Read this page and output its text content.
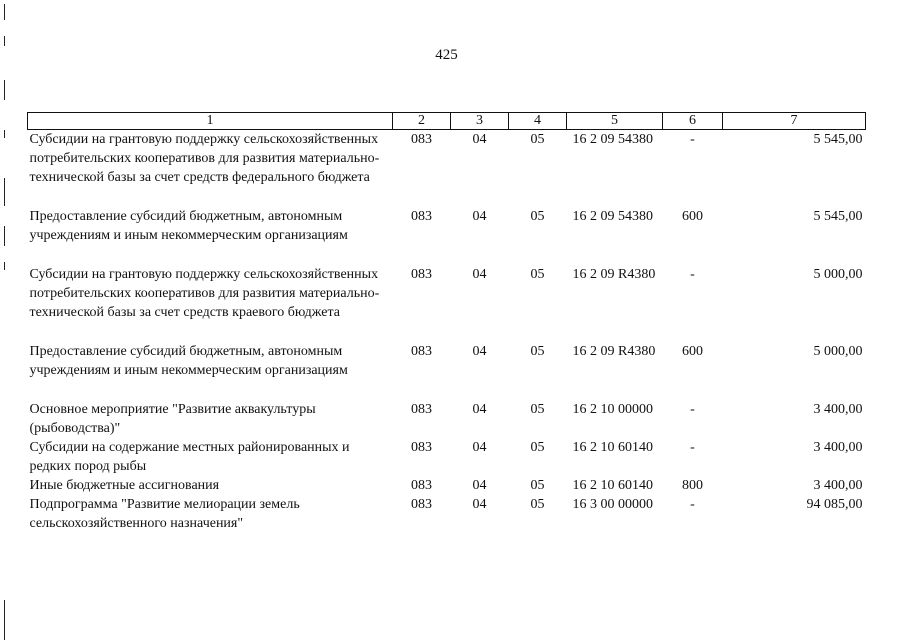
425
1	2	3	4	5	6	7
Субсидии на грантовую поддержку сельскохозяйственных потребительских кооперативов для развития материально-технической базы за счет средств федерального бюджета	083	04	05	16 2 09 54380	-	5 545,00
Предоставление субсидий бюджетным, автономным учреждениям и иным некоммерческим организациям	083	04	05	16 2 09 54380	600	5 545,00
Субсидии на грантовую поддержку сельскохозяйственных потребительских кооперативов для развития материально-технической базы за счет средств краевого бюджета	083	04	05	16 2 09 R4380	-	5 000,00
Предоставление субсидий бюджетным, автономным учреждениям и иным некоммерческим организациям	083	04	05	16 2 09 R4380	600	5 000,00
Основное мероприятие "Развитие аквакультуры (рыбоводства)"	083	04	05	16 2 10 00000	-	3 400,00
Субсидии на содержание местных районированных и редких пород рыбы	083	04	05	16 2 10 60140	-	3 400,00
Иные бюджетные ассигнования	083	04	05	16 2 10 60140	800	3 400,00
Подпрограмма "Развитие мелиорации земель сельскохозяйственного назначения"	083	04	05	16 3 00 00000	-	94 085,00
